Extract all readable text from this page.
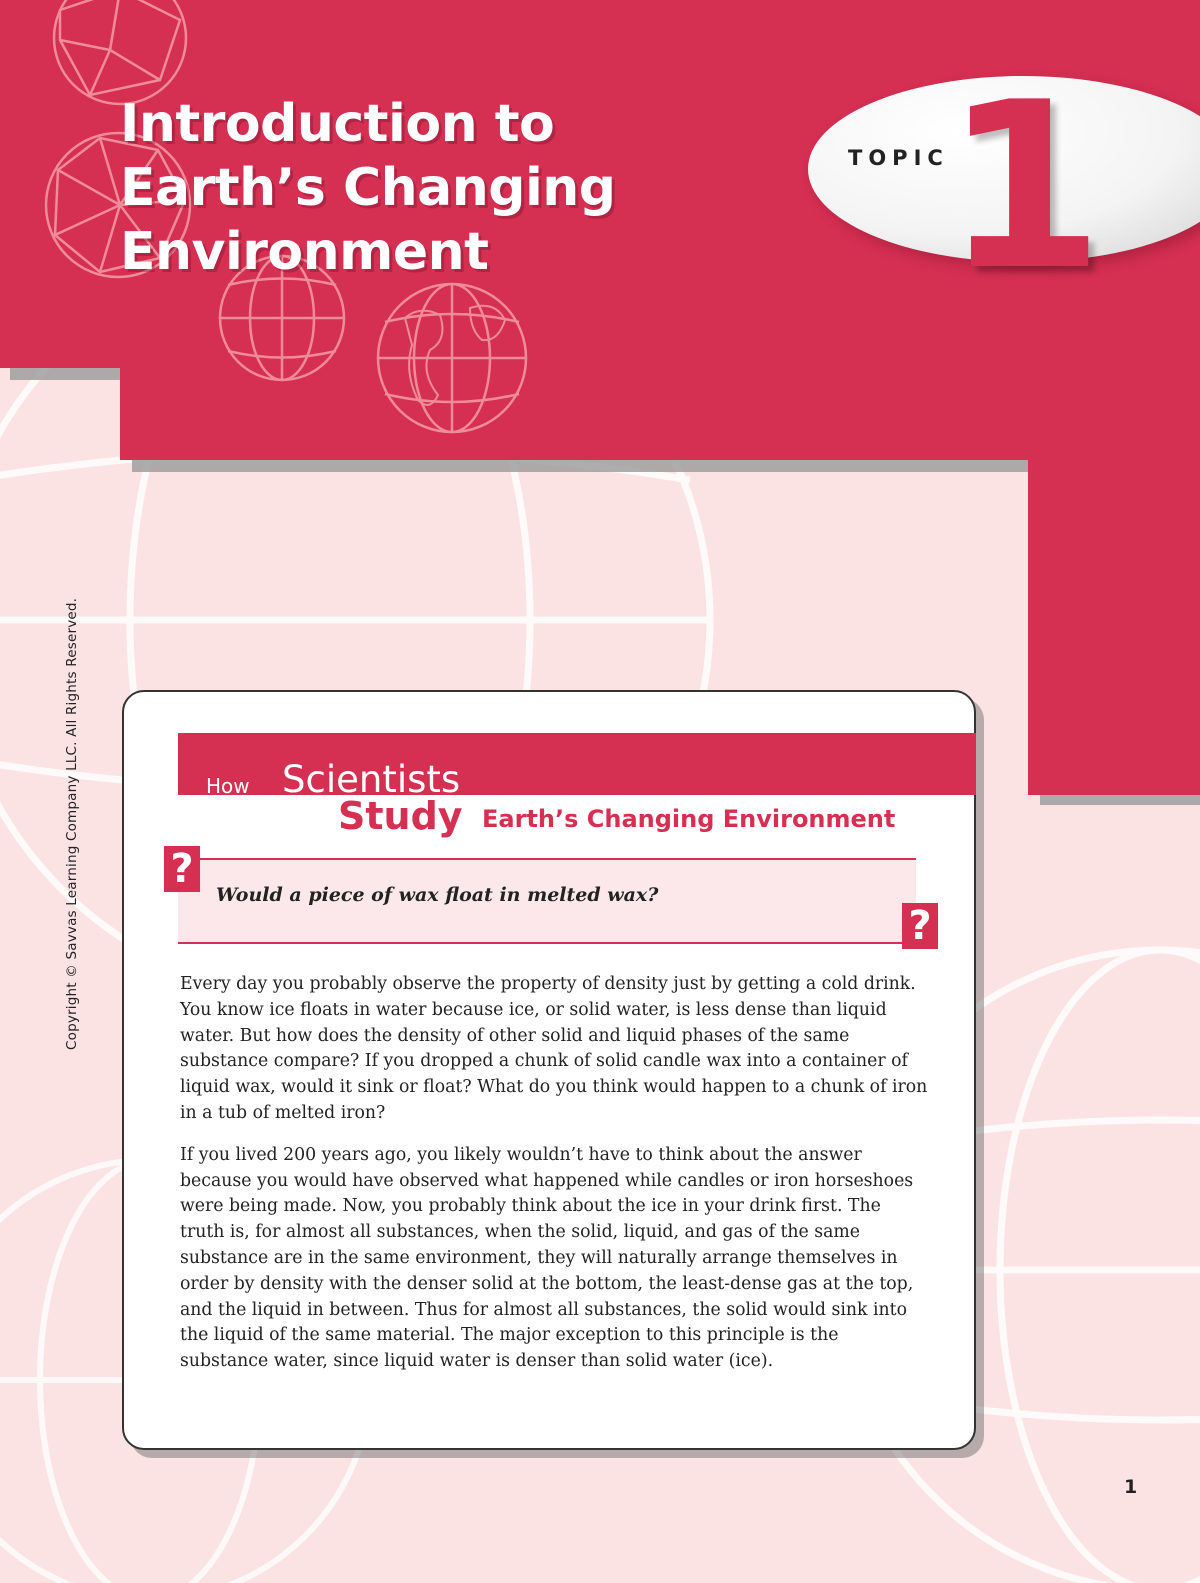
Introduction to
Earth’s Changing
Environment
TOPIC
1
Copyright © Savvas Learning Company LLC. All Rights Reserved.	How Scientists
Study Earth’s Changing Environment
?
?
Would a piece of wax float in melted wax?

Every day you probably observe the property of density just by getting a cold drink. You know ice floats in water because ice, or solid water, is less dense than liquid water. But how does the density of other solid and liquid phases of the same substance compare? If you dropped a chunk of solid candle wax into a container of liquid wax, would it sink or float? What do you think would happen to a chunk of iron in a tub of melted iron?

If you lived 200 years ago, you likely wouldn’t have to think about the answer because you would have observed what happened while candles or iron horseshoes were being made. Now, you probably think about the ice in your drink first. The truth is, for almost all substances, when the solid, liquid, and gas of the same substance are in the same environment, they will naturally arrange themselves in order by density with the denser solid at the bottom, the least-dense gas at the top, and the liquid in between. Thus for almost all substances, the solid would sink into the liquid of the same material. The major exception to this principle is the substance water, since liquid water is denser than solid water (ice).

1
